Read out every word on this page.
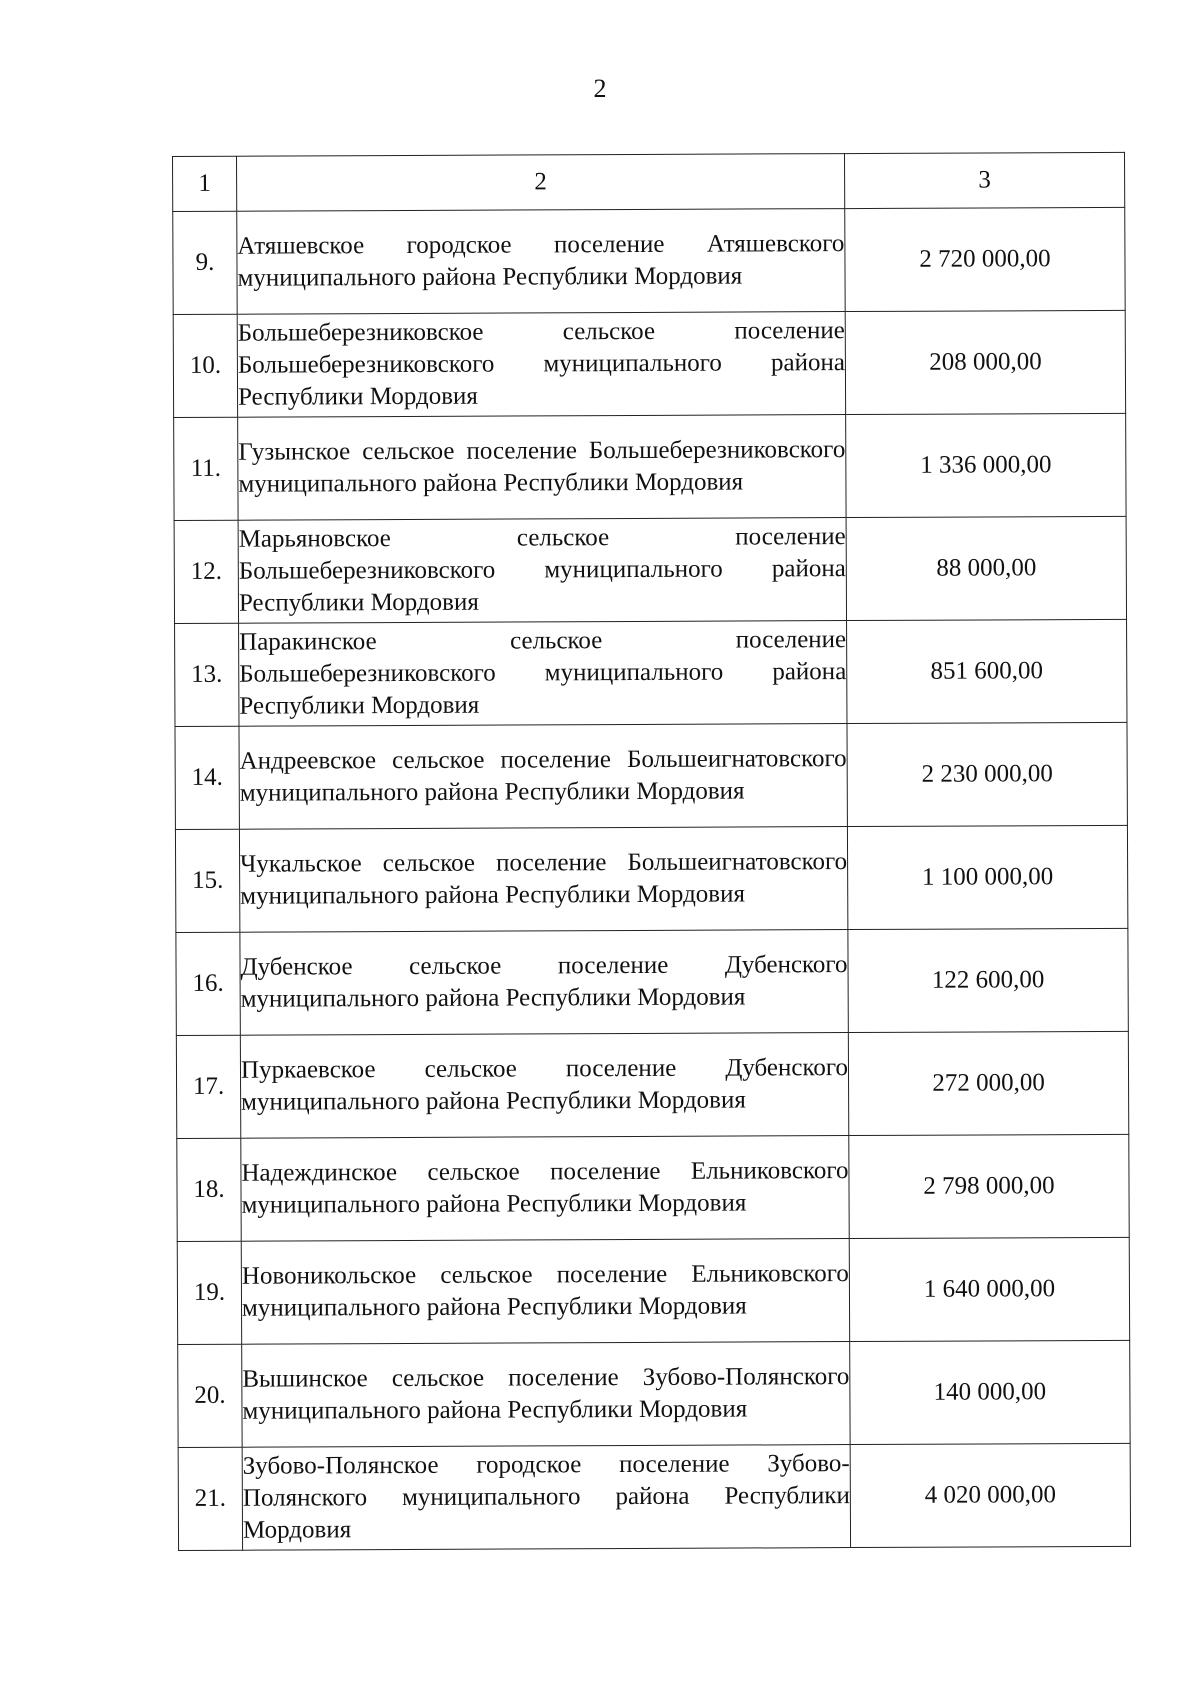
2
1	2	3
9.	Атяшевское городское поселение Атяшевского муниципального района Республики Мордовия	2 720 000,00
10.	Большеберезниковское сельское поселение Большеберезниковского муниципального района Республики Мордовия	208 000,00
11.	Гузынское сельское поселение Большеберезниковского муниципального района Республики Мордовия	1 336 000,00
12.	Марьяновское сельское поселение Большеберезниковского муниципального района Республики Мордовия	88 000,00
13.	Паракинское сельское поселение Большеберезниковского муниципального района Республики Мордовия	851 600,00
14.	Андреевское сельское поселение Большеигнатовского муниципального района Республики Мордовия	2 230 000,00
15.	Чукальское сельское поселение Большеигнатовского муниципального района Республики Мордовия	1 100 000,00
16.	Дубенское сельское поселение Дубенского муниципального района Республики Мордовия	122 600,00
17.	Пуркаевское сельское поселение Дубенского муниципального района Республики Мордовия	272 000,00
18.	Надеждинское сельское поселение Ельниковского муниципального района Республики Мордовия	2 798 000,00
19.	Новоникольское сельское поселение Ельниковского муниципального района Республики Мордовия	1 640 000,00
20.	Вышинское сельское поселение Зубово-Полянского муниципального района Республики Мордовия	140 000,00
21.	Зубово-Полянское городское поселение Зубово-Полянского муниципального района Республики Мордовия	4 020 000,00
